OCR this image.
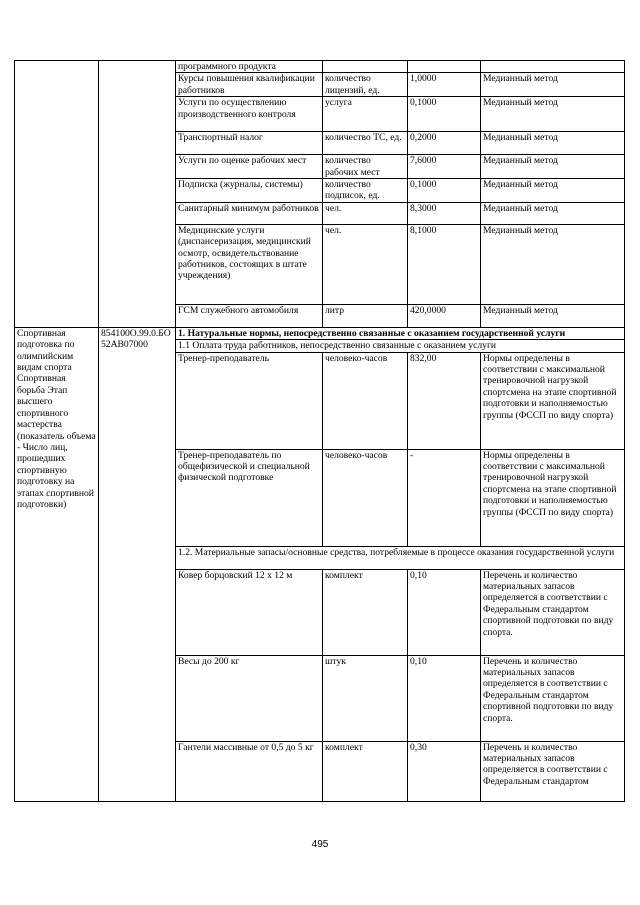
		программного продукта			
		Курсы повышения квалификации работников	количество лицензий, ед.	1,0000	Медианный метод
		Услуги по осуществлению производственного контроля	услуга	0,1000	Медианный метод
		Транспортный налог	количество ТС, ед.	0,2000	Медианный метод
		Услуги по оценке рабочих мест	количество рабочих мест	7,6000	Медианный метод
		Подписка (журналы, системы)	количество подписок, ед.	0,1000	Медианный метод
		Санитарный минимум работников	чел.	8,3000	Медианный метод
		Медицинские услуги (диспансеризация, медицинский осмотр, освидетельствование работников, состоящих в штате учреждения)	чел.	8,1000	Медианный метод
		ГСМ служебного автомобиля	литр	420,0000	Медианный метод
Спортивная подготовка по олимпийским видам спорта Спортивная борьба Этап высшего спортивного мастерства (показатель объема - Число лиц, прошедших спортивную подготовку на этапах спортивной подготовки)	854100О.99.0.БО52АВ07000	1. Натуральные нормы, непосредственно связанные с оказанием государственной услуги			
		1.1 Оплата труда работников, непосредственно связанные с оказанием услуги			
		Тренер-преподаватель	человеко-часов	832,00	Нормы определены в соответствии с максимальной тренировочной нагрузкой спортсмена на этапе спортивной подготовки и наполняемостью группы (ФССП по виду спорта)
		Тренер-преподаватель по общефизической и специальной физической подготовке	человеко-часов	-	Нормы определены в соответствии с максимальной тренировочной нагрузкой спортсмена на этапе спортивной подготовки и наполняемостью группы (ФССП по виду спорта)
		1.2. Материальные запасы/основные средства, потребляемые в процессе оказания государственной услуги			
		Ковер борцовский 12 х 12 м	комплект	0,10	Перечень и количество материальных запасов определяется в соответствии с Федеральным стандартом спортивной подготовки по виду спорта.
		Весы до 200 кг	штук	0,10	Перечень и количество материальных запасов определяется в соответствии с Федеральным стандартом спортивной подготовки по виду спорта.
		Гантели массивные от 0,5 до 5 кг	комплект	0,30	Перечень и количество материальных запасов определяется в соответствии с Федеральным стандартом
495
